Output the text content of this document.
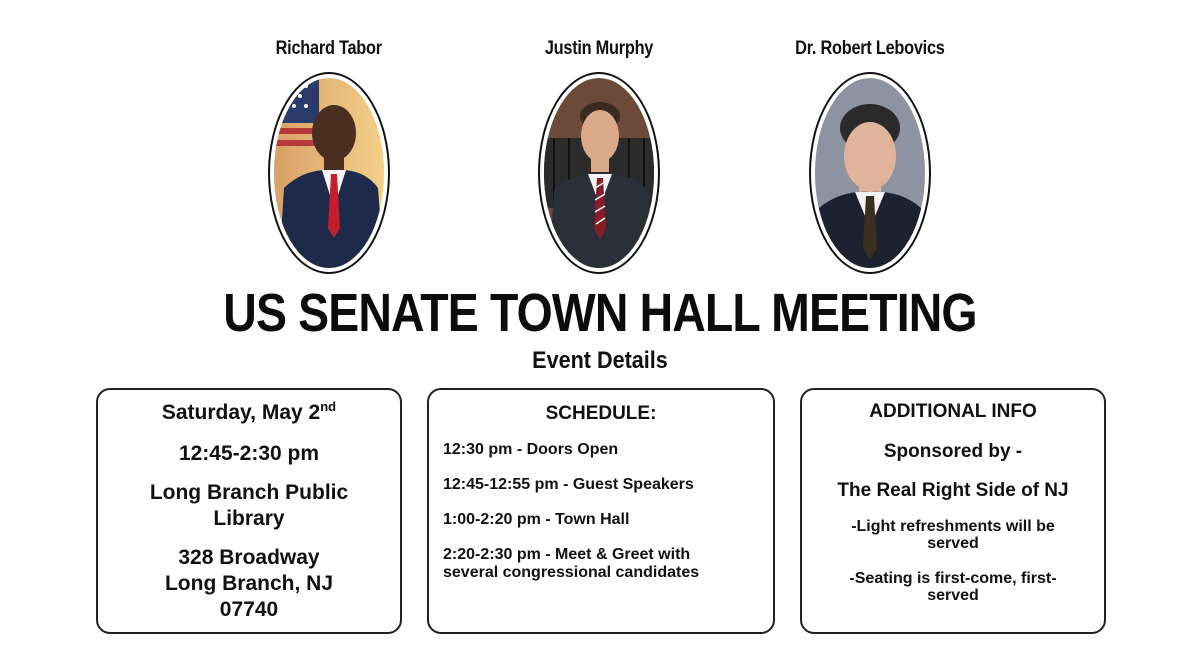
Richard Tabor	Justin Murphy	Dr. Robert Lebovics
US SENATE TOWN HALL MEETING
Event Details
Saturday, May 2nd
12:45-2:30 pm
Long Branch Public
Library
328 Broadway
Long Branch, NJ
07740
SCHEDULE:
12:30 pm - Doors Open
12:45-12:55 pm - Guest Speakers
1:00-2:20 pm - Town Hall
2:20-2:30 pm - Meet & Greet with
several congressional candidates
ADDITIONAL INFO
Sponsored by -
The Real Right Side of NJ
-Light refreshments will be
served
-Seating is first-come, first-
served
